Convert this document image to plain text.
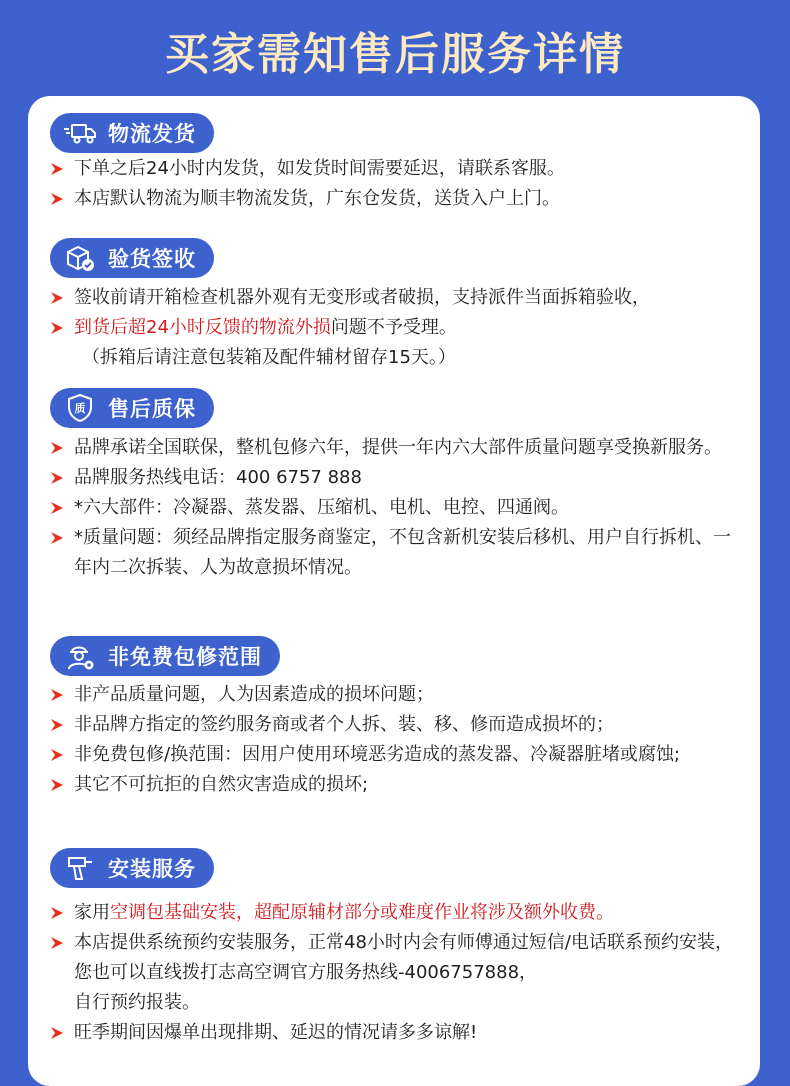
买家需知售后服务详情
物流发货
下单之后24小时内发货，如发货时间需要延迟，请联系客服。
本店默认物流为顺丰物流发货，广东仓发货，送货入户上门。
验货签收
签收前请开箱检查机器外观有无变形或者破损，支持派件当面拆箱验收，
到货后超24小时反馈的物流外损问题不予受理。
（拆箱后请注意包装箱及配件辅材留存15天。）
质 售后质保
品牌承诺全国联保，整机包修六年，提供一年内六大部件质量问题享受换新服务。
品牌服务热线电话：400 6757 888
*六大部件：冷凝器、蒸发器、压缩机、电机、电控、四通阀。
*质量问题：须经品牌指定服务商鉴定，不包含新机安装后移机、用户自行拆机、一年内二次拆装、人为故意损坏情况。
非免费包修范围
非产品质量问题，人为因素造成的损坏问题；
非品牌方指定的签约服务商或者个人拆、装、移、修而造成损坏的；
非免费包修/换范围：因用户使用环境恶劣造成的蒸发器、冷凝器脏堵或腐蚀;
其它不可抗拒的自然灾害造成的损坏;
安装服务
家用空调包基础安装，超配原辅材部分或难度作业将涉及额外收费。
本店提供系统预约安装服务，正常48小时内会有师傅通过短信/电话联系预约安装，您也可以直线拨打志高空调官方服务热线-4006757888，
自行预约报装。
旺季期间因爆单出现排期、延迟的情况请多多谅解!
